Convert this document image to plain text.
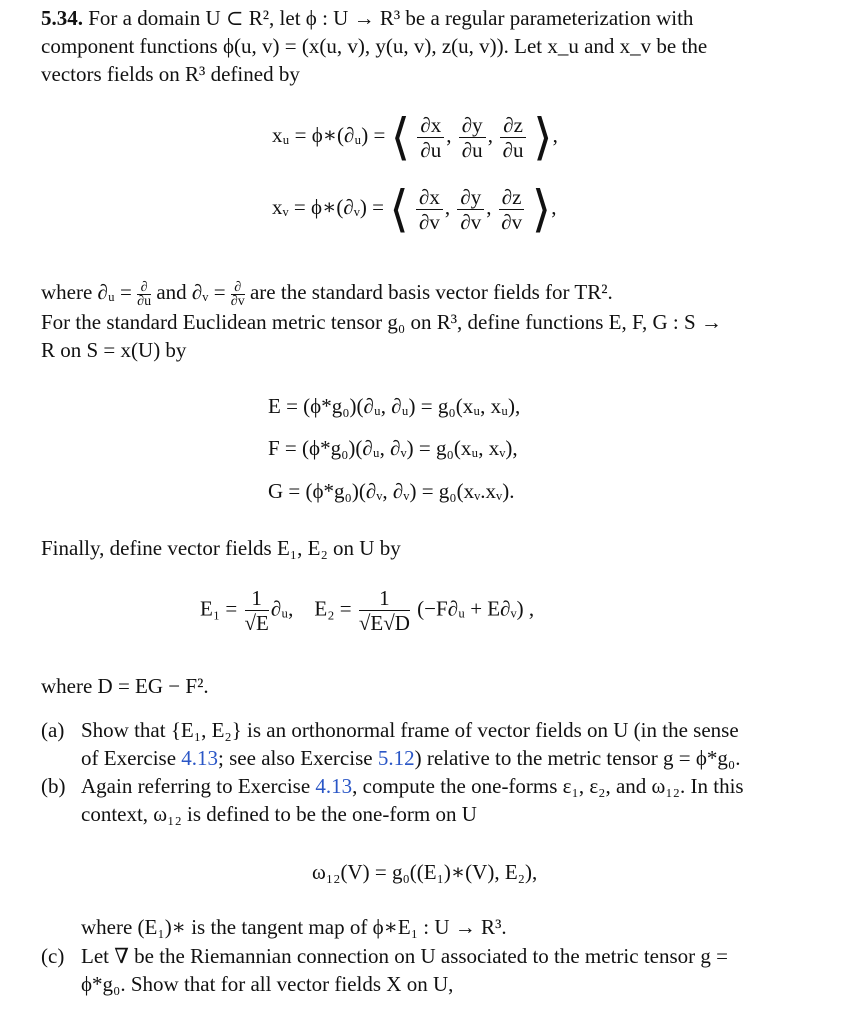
5.34. For a domain U ⊂ R², let ϕ : U → R³ be a regular parameterization with
component functions ϕ(u, v) = (x(u, v), y(u, v), z(u, v)). Let x_u and x_v be the
vectors fields on R³ defined by
xᵤ = ϕ∗(∂ᵤ) = ⟨ $\frac{\partial x}{\partial u}$ , $\frac{\partial y}{\partial u}$ , $\frac{\partial z}{\partial u}$ ⟩,
xᵥ = ϕ∗(∂ᵥ) = ⟨ $\frac{\partial x}{\partial v}$ , $\frac{\partial y}{\partial v}$ , $\frac{\partial z}{\partial v}$ ⟩,
where ∂ᵤ = ∂
∂u and ∂ᵥ = ∂
∂v are the standard basis vector fields for TR².
For the standard Euclidean metric tensor g₀ on R³, define functions E, F, G : S →
R on S = x(U) by
E = (ϕ*g₀)(∂ᵤ, ∂ᵤ) = g₀(xᵤ, xᵤ),
F = (ϕ*g₀)(∂ᵤ, ∂ᵥ) = g₀(xᵤ, xᵥ),
G = (ϕ*g₀)(∂ᵥ, ∂ᵥ) = g₀(xᵥ.xᵥ).
Finally, define vector fields E₁, E₂ on U by
$E_1 = \frac{1}{√E}$ ∂ᵤ, $E_2 = \frac{1}{√E√D}$ (−F∂ᵤ + E∂ᵥ) ,
where D = EG − F².
(a) Show that {E₁, E₂} is an orthonormal frame of vector fields on U (in the sense
of Exercise 4.13; see also Exercise 5.12) relative to the metric tensor g = ϕ*g₀.
(b) Again referring to Exercise 4.13, compute the one-forms ε₁, ε₂, and ω₁₂. In this
context, ω₁₂ is defined to be the one-form on U
ω₁₂(V) = g₀((E₁)∗(V), E₂),
where (E₁)∗ is the tangent map of ϕ∗E₁ : U → R³.
(c) Let ∇ be the Riemannian connection on U associated to the metric tensor g =
ϕ*g₀. Show that for all vector fields X on U,
